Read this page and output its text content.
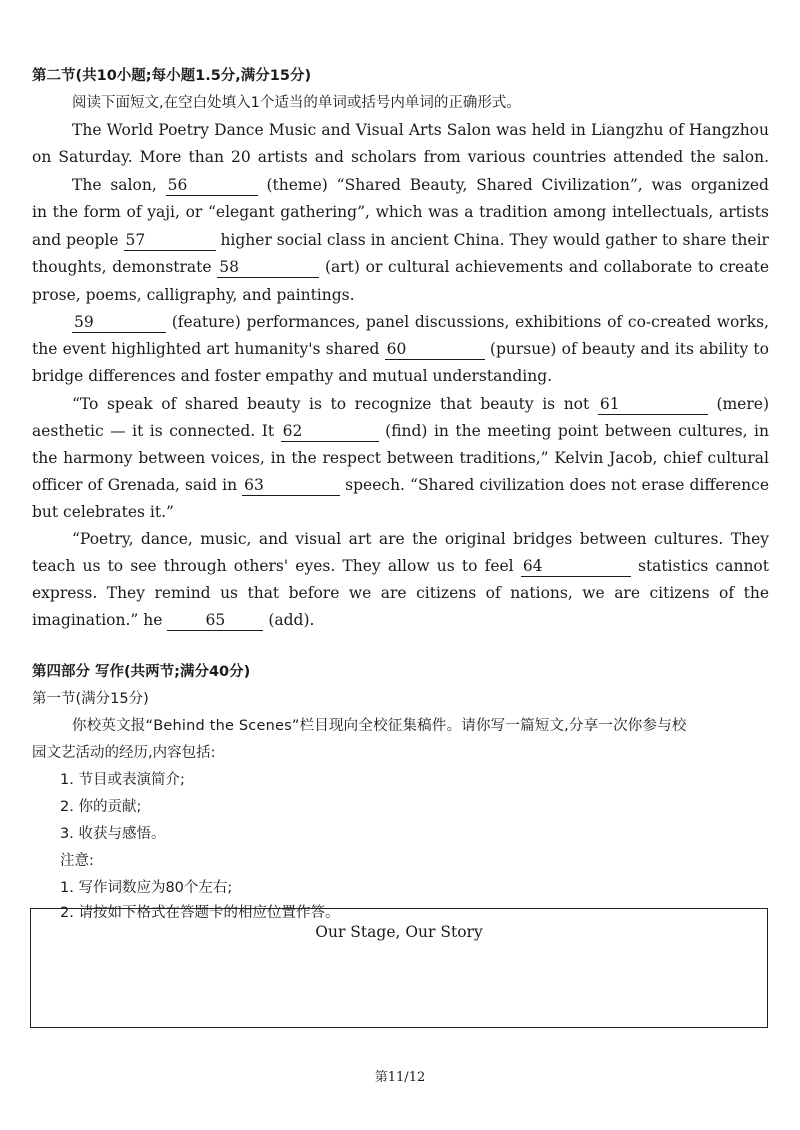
第二节(共10小题;每小题1.5分,满分15分)
阅读下面短文,在空白处填入1个适当的单词或括号内单词的正确形式。
The World Poetry Dance Music and Visual Arts Salon was held in Liangzhu of Hangzhou
on Saturday. More than 20 artists and scholars from various countries attended the salon.
The salon, 56	(theme) “Shared Beauty, Shared Civilization”, was organized
in the form of yaji, or “elegant gathering”, which was a tradition among intellectuals, artists
and people 57	higher social class in ancient China. They would gather to share their
thoughts, demonstrate 58	(art) or cultural achievements and collaborate to create
prose, poems, calligraphy, and paintings.
59	(feature) performances, panel discussions, exhibitions of co-created works,
the event highlighted art humanity's shared 60	(pursue) of beauty and its ability to
bridge differences and foster empathy and mutual understanding.
“To speak of shared beauty is to recognize that beauty is not 61	(mere)
aesthetic — it is connected. It 62	(find) in the meeting point between cultures, in
the harmony between voices, in the respect between traditions,” Kelvin Jacob, chief cultural
officer of Grenada, said in 63	speech. “Shared civilization does not erase difference
but celebrates it.”
“Poetry, dance, music, and visual art are the original bridges between cultures. They
teach us to see through others' eyes. They allow us to feel 64	statistics cannot
express. They remind us that before we are citizens of nations, we are citizens of the
imagination.” he	65	(add).
第四部分 写作(共两节;满分40分)
第一节(满分15分)
你校英文报“Behind the Scenes”栏目现向全校征集稿件。请你写一篇短文,分享一次你参与校
园文艺活动的经历,内容包括:
1. 节目或表演简介;
2. 你的贡献;
3. 收获与感悟。
注意:
1. 写作词数应为80个左右;
2. 请按如下格式在答题卡的相应位置作答。
Our Stage, Our Story
第11/12
